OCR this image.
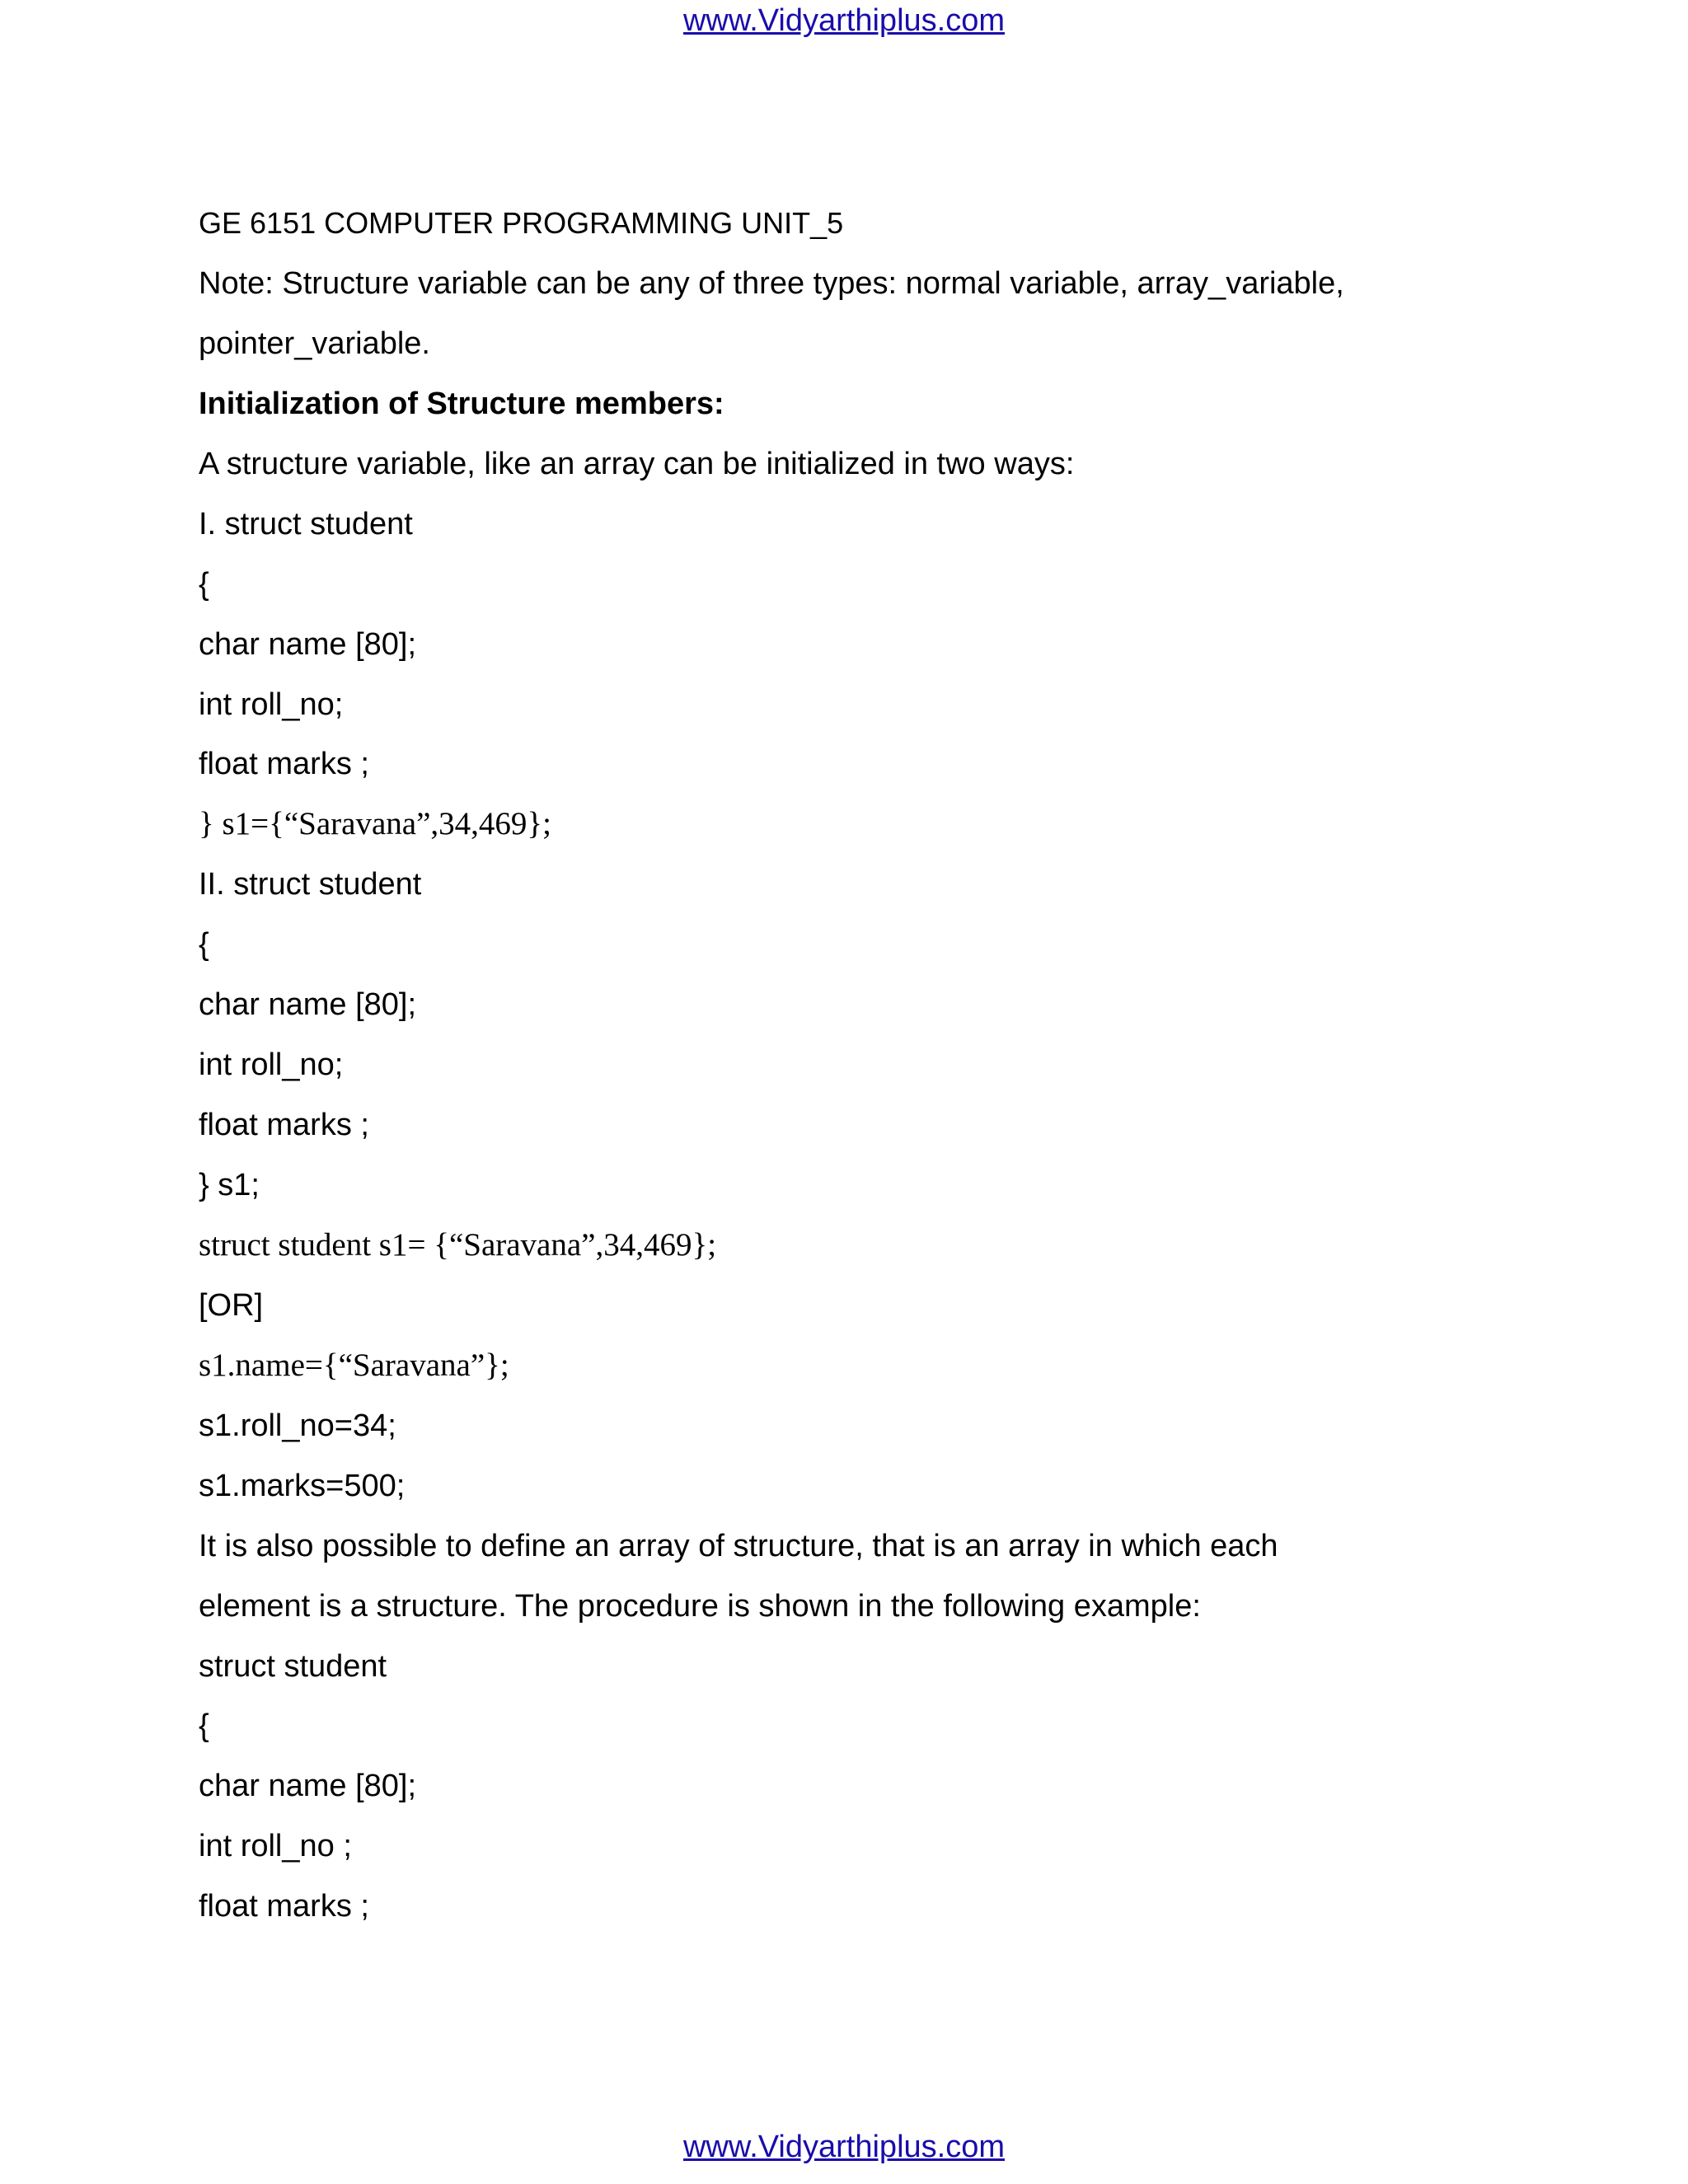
www.Vidyarthiplus.com

GE 6151 COMPUTER PROGRAMMING UNIT_5

Note: Structure variable can be any of three types: normal variable, array_variable,

pointer_variable.

Initialization of Structure members:

A structure variable, like an array can be initialized in two ways:

I. struct student

{

char name [80];

int roll_no;

float marks ;

} s1={“Saravana”,34,469};

II. struct student

{

char name [80];

int roll_no;

float marks ;

} s1;

struct student s1= {“Saravana”,34,469};

[OR]

s1.name={“Saravana”};

s1.roll_no=34;

s1.marks=500;

It is also possible to define an array of structure, that is an array in which each

element is a structure. The procedure is shown in the following example:

struct student

{

char name [80];

int roll_no ;

float marks ;

www.Vidyarthiplus.com
